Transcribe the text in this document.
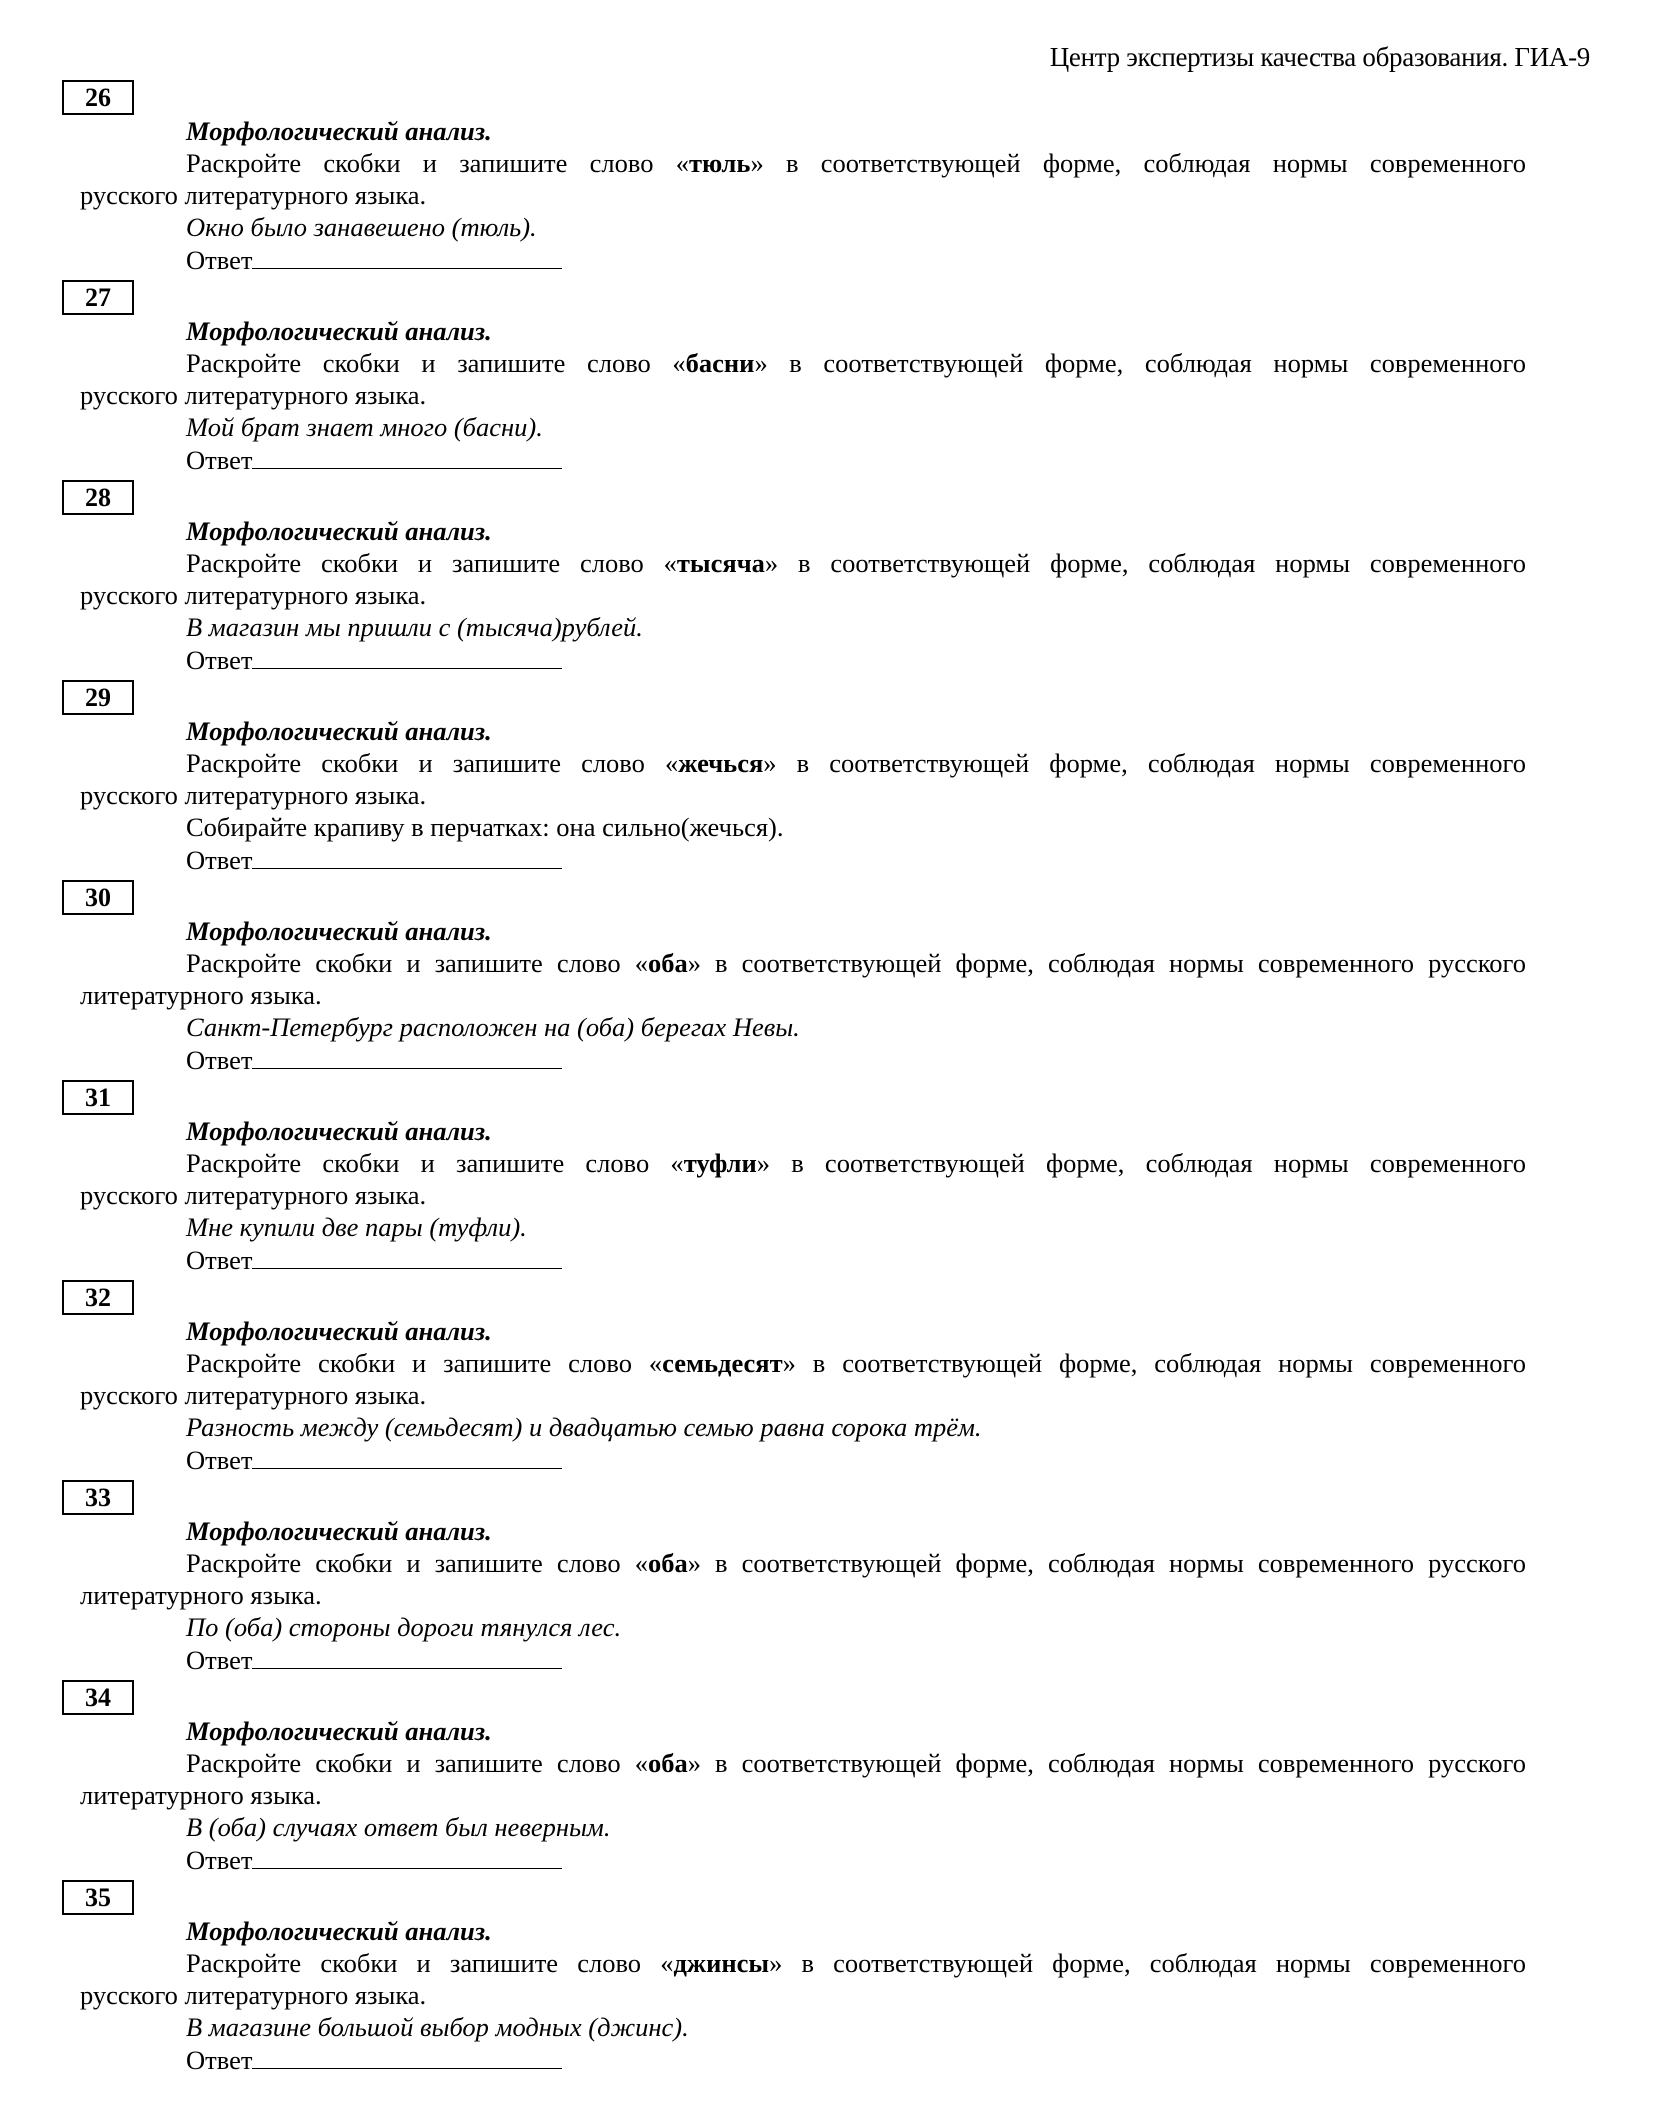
Центр экспертизы качества образования. ГИА-9
26
Морфологический анализ.
Раскройте скобки и запишите слово «тюль» в соответствующей форме, соблюдая нормы современного
русского литературного языка.
Окно было занавешено (тюль).
Ответ
27
Морфологический анализ.
Раскройте скобки и запишите слово «басни» в соответствующей форме, соблюдая нормы современного
русского литературного языка.
Мой брат знает много (басни).
Ответ
28
Морфологический анализ.
Раскройте скобки и запишите слово «тысяча» в соответствующей форме, соблюдая нормы современного
русского литературного языка.
В магазин мы пришли с (тысяча)рублей.
Ответ
29
Морфологический анализ.
Раскройте скобки и запишите слово «жечься» в соответствующей форме, соблюдая нормы современного
русского литературного языка.
Собирайте крапиву в перчатках: она сильно(жечься).
Ответ
30
Морфологический анализ.
Раскройте скобки и запишите слово «оба» в соответствующей форме, соблюдая нормы современного русского
литературного языка.
Санкт-Петербург расположен на (оба) берегах Невы.
Ответ
31
Морфологический анализ.
Раскройте скобки и запишите слово «туфли» в соответствующей форме, соблюдая нормы современного
русского литературного языка.
Мне купили две пары (туфли).
Ответ
32
Морфологический анализ.
Раскройте скобки и запишите слово «семьдесят» в соответствующей форме, соблюдая нормы современного
русского литературного языка.
Разность между (семьдесят) и двадцатью семью равна сорока трём.
Ответ
33
Морфологический анализ.
Раскройте скобки и запишите слово «оба» в соответствующей форме, соблюдая нормы современного русского
литературного языка.
По (оба) стороны дороги тянулся лес.
Ответ
34
Морфологический анализ.
Раскройте скобки и запишите слово «оба» в соответствующей форме, соблюдая нормы современного русского
литературного языка.
В (оба) случаях ответ был неверным.
Ответ
35
Морфологический анализ.
Раскройте скобки и запишите слово «джинсы» в соответствующей форме, соблюдая нормы современного
русского литературного языка.
В магазине большой выбор модных (джинс).
Ответ
